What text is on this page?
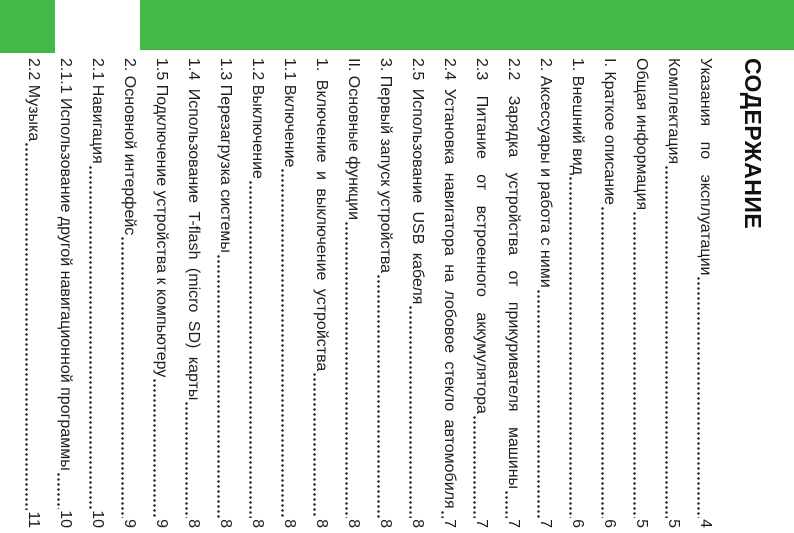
СОДЕРЖАНИЕ
Указания по эксплуатации
4
Комплектация
5
Общая информация
5
I. Краткое описание
6
1. Внешний вид
6
2. Аксессуары и работа с ними
7
2.2 Зарядка устройства от прикуривателя машины
7
2.3 Питание от встроенного аккумулятора
7
2.4 Установка навигатора на лобовое стекло автомобиля
7
2.5 Использование USB кабеля
8
3. Первый запуск устройства
8
II. Основные функции
8
1. Включение и выключение устройства
8
1.1 Включение
8
1.2 Выключение
8
1.3 Перезагрузка системы
8
1.4 Использование T-flash (micro SD) карты
8
1.5 Подключение устройства к компьютеру
9
2. Основной интерфейс
9
2.1 Навигация
10
2.1.1 Использование другой навигационной программы
10
2.2 Музыка
11
